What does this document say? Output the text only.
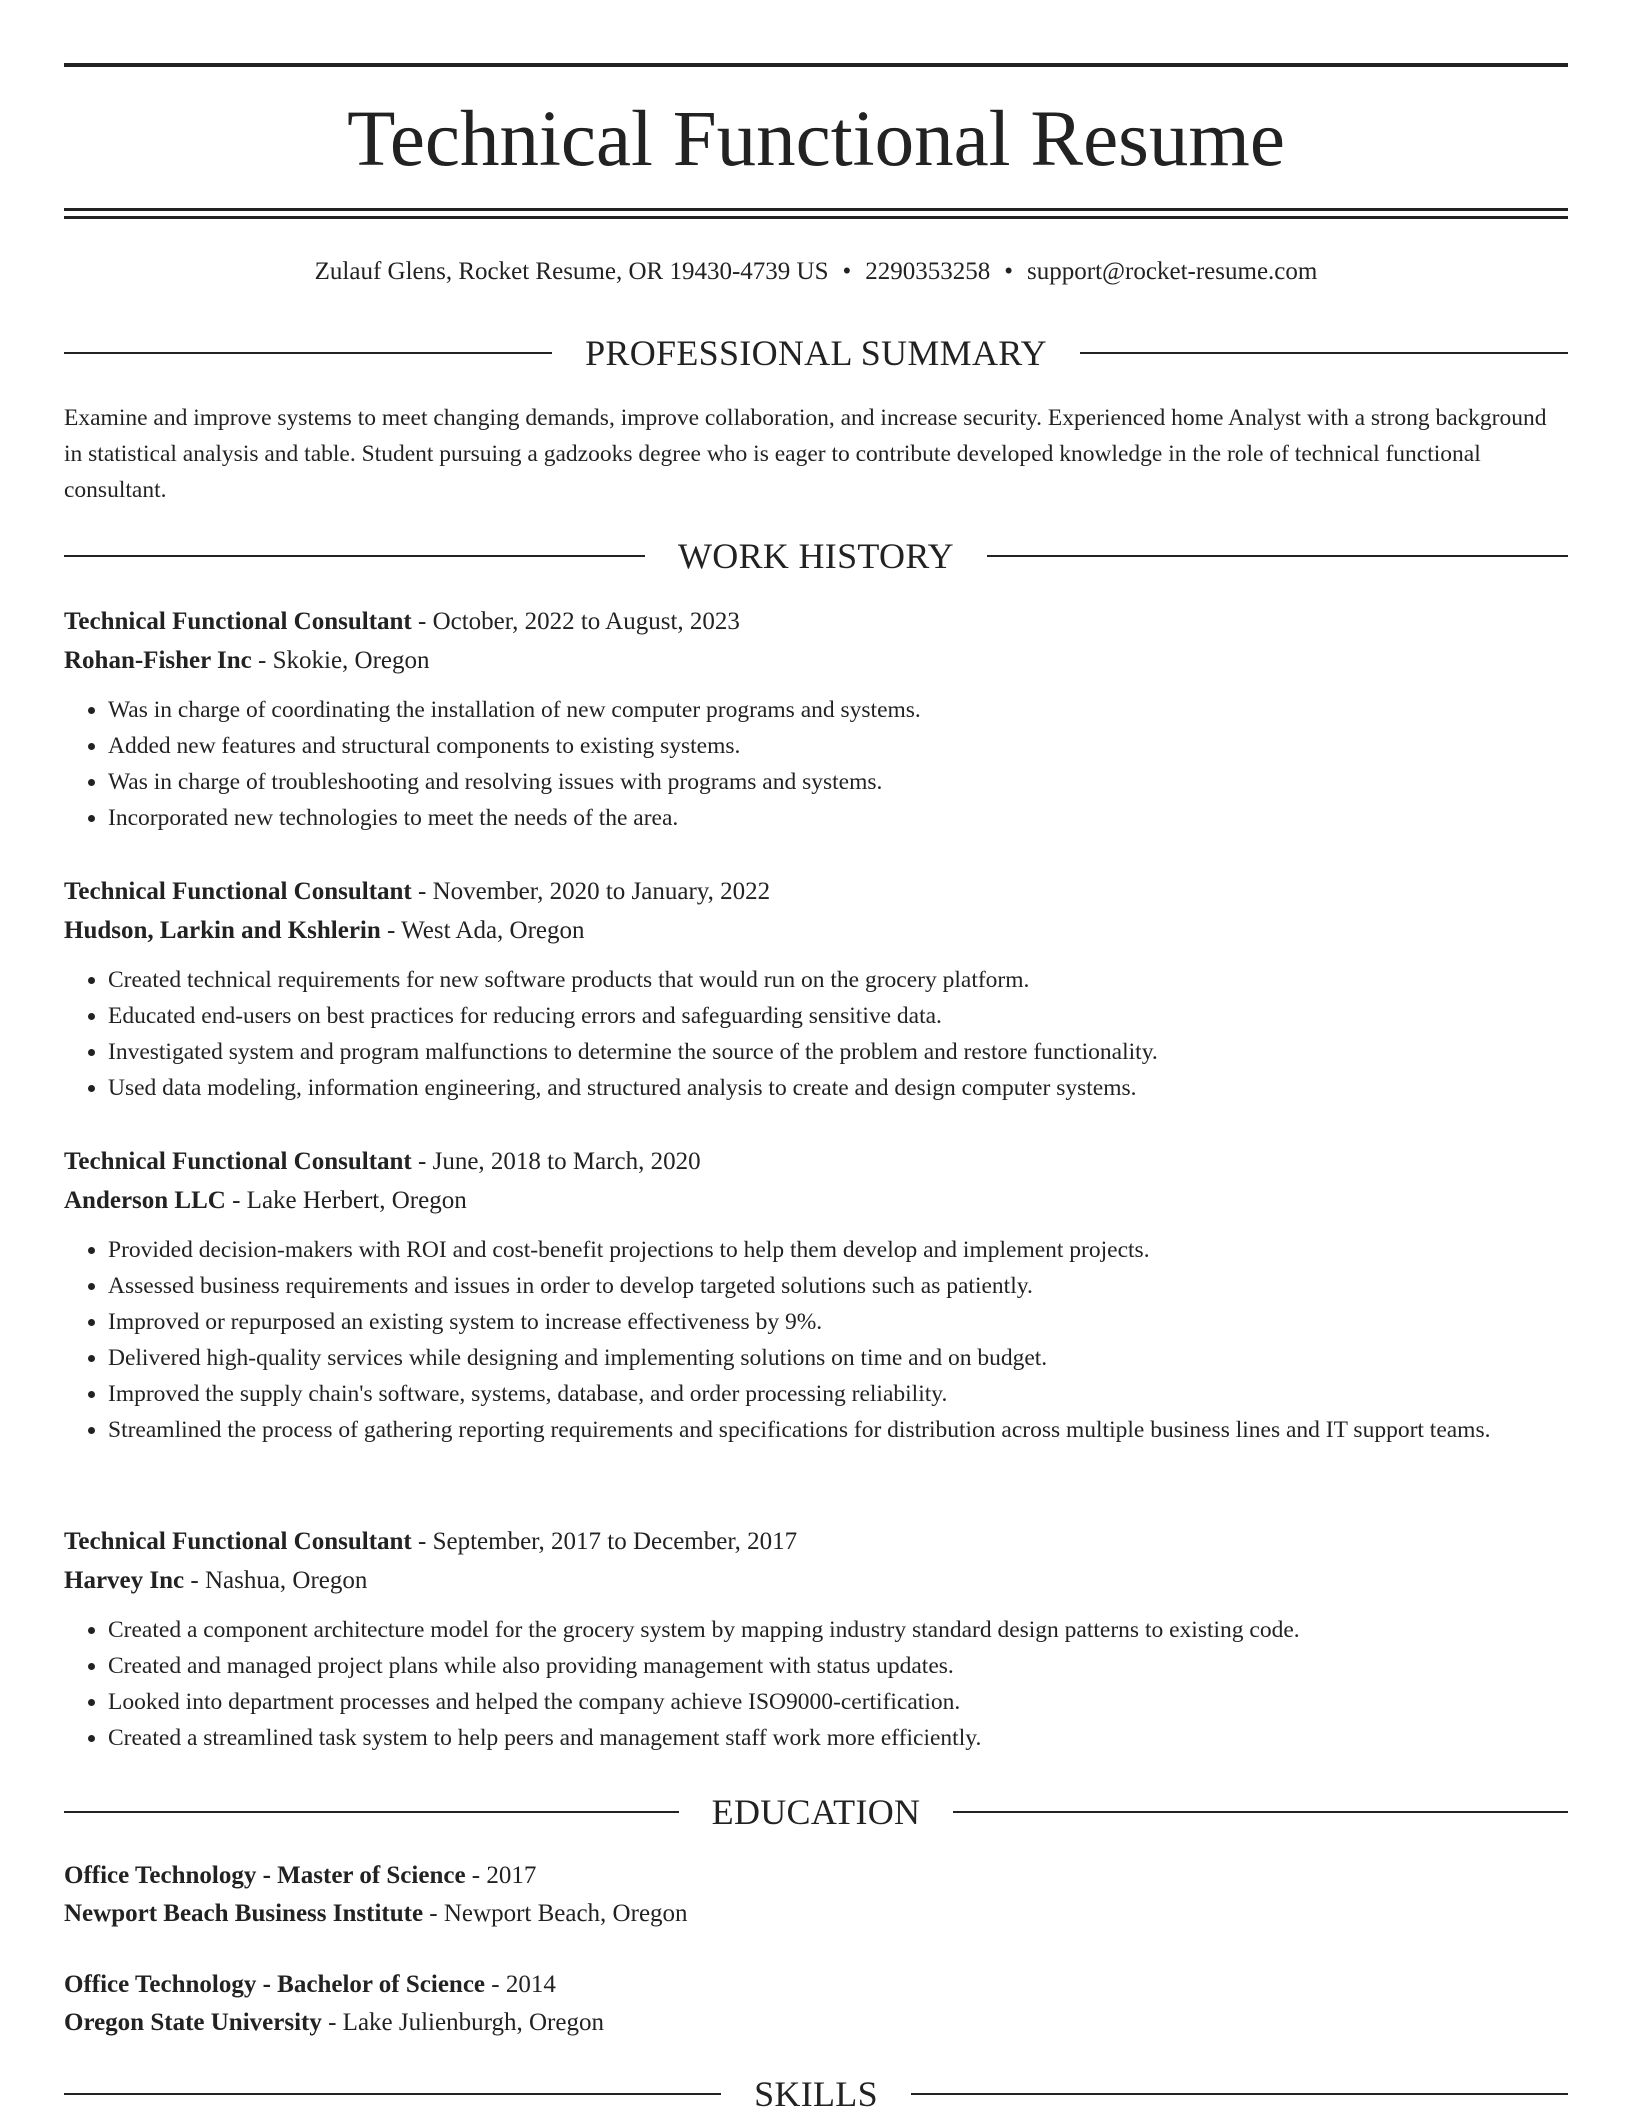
Technical Functional Resume
Zulauf Glens, Rocket Resume, OR 19430-4739 US • 2290353258 • support@rocket-resume.com
PROFESSIONAL SUMMARY

Examine and improve systems to meet changing demands, improve collaboration, and increase security. Experienced home Analyst with a strong background in statistical analysis and table. Student pursuing a gadzooks degree who is eager to contribute developed knowledge in the role of technical functional consultant.

WORK HISTORY
Technical Functional Consultant - October, 2022 to August, 2023
Rohan-Fisher Inc - Skokie, Oregon
• Was in charge of coordinating the installation of new computer programs and systems.
• Added new features and structural components to existing systems.
• Was in charge of troubleshooting and resolving issues with programs and systems.
• Incorporated new technologies to meet the needs of the area.
Technical Functional Consultant - November, 2020 to January, 2022
Hudson, Larkin and Kshlerin - West Ada, Oregon
• Created technical requirements for new software products that would run on the grocery platform.
• Educated end-users on best practices for reducing errors and safeguarding sensitive data.
• Investigated system and program malfunctions to determine the source of the problem and restore functionality.
• Used data modeling, information engineering, and structured analysis to create and design computer systems.
Technical Functional Consultant - June, 2018 to March, 2020
Anderson LLC - Lake Herbert, Oregon
• Provided decision-makers with ROI and cost-benefit projections to help them develop and implement projects.
• Assessed business requirements and issues in order to develop targeted solutions such as patiently.
• Improved or repurposed an existing system to increase effectiveness by 9%.
• Delivered high-quality services while designing and implementing solutions on time and on budget.
• Improved the supply chain's software, systems, database, and order processing reliability.
• Streamlined the process of gathering reporting requirements and specifications for distribution across multiple business lines and IT support teams.
Technical Functional Consultant - September, 2017 to December, 2017
Harvey Inc - Nashua, Oregon
• Created a component architecture model for the grocery system by mapping industry standard design patterns to existing code.
• Created and managed project plans while also providing management with status updates.
• Looked into department processes and helped the company achieve ISO9000-certification.
• Created a streamlined task system to help peers and management staff work more efficiently.
EDUCATION
Office Technology - Master of Science - 2017
Newport Beach Business Institute - Newport Beach, Oregon
Office Technology - Bachelor of Science - 2014
Oregon State University - Lake Julienburgh, Oregon
SKILLS
